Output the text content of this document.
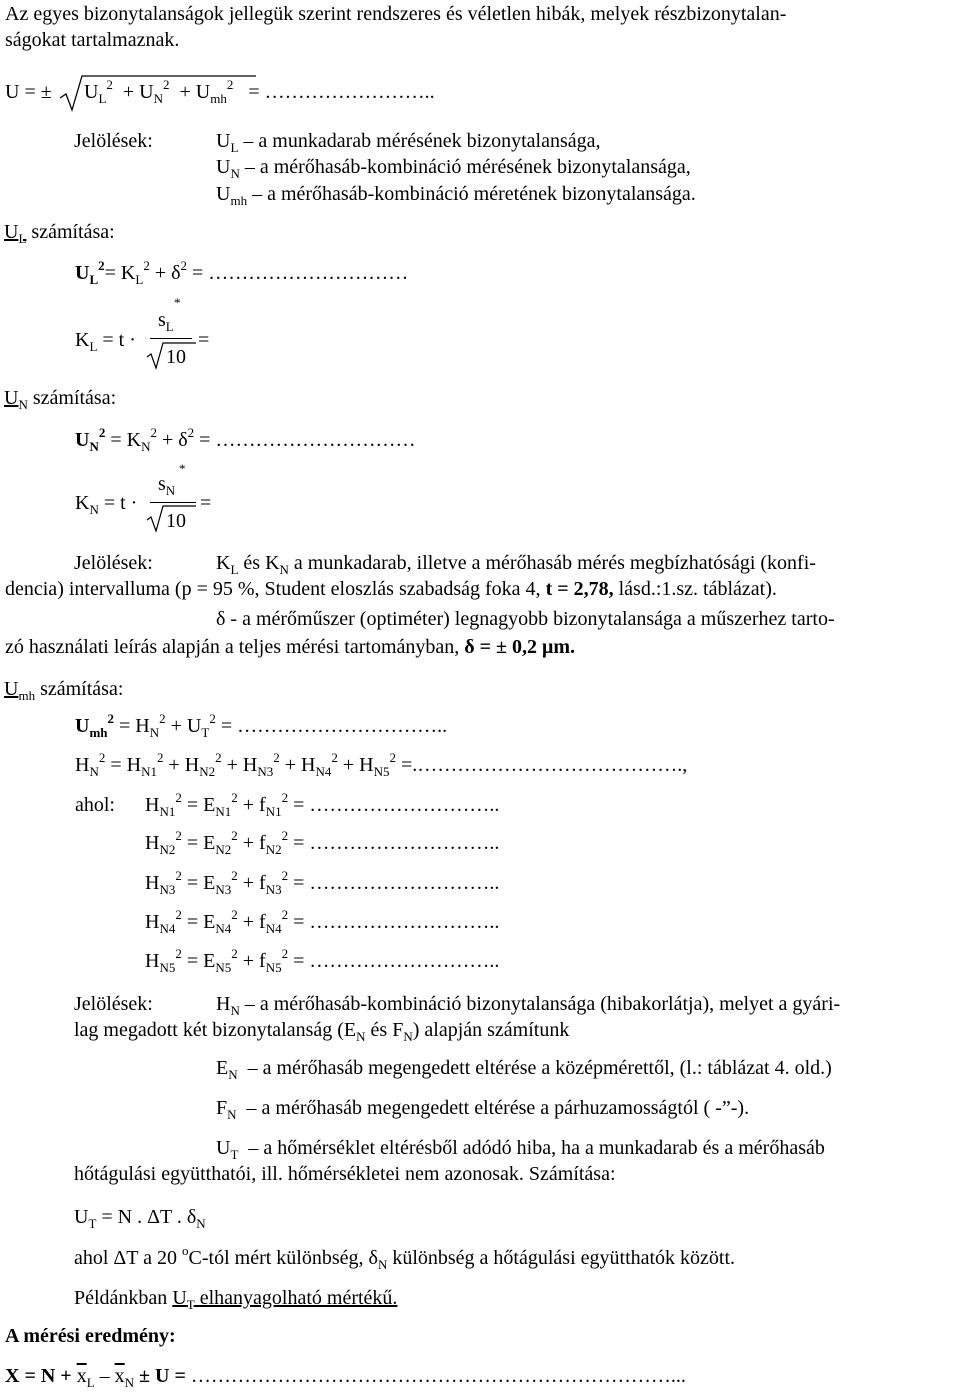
Az egyes bizonytalanságok jellegük szerint rendszeres és véletlen hibák, melyek részbizonytalan-
ságokat tartalmaznak.
U = ± $U_L^2 + U_N^2 + U_{mh}^2$ = ……………………..
Jelölések:	$U_L$ – a munkadarab mérésének bizonytalansága,
$U_N$ – a mérőhasáb-kombináció mérésének bizonytalansága,
$U_{mh}$ – a mérőhasáb-kombináció méretének bizonytalansága.
$U_L$ számítása:
$U_L^2= K_L^2 + \delta^2$ = …………………………
$K_L = t$ ·
$s_L$
*
10
=
$U_N$ számítása:
$U_N^2 = K_N^2 + \delta^2$ = …………………………
$K_N = t$ ·
$s_N$
*
10
=
Jelölések:	$K_L$ és $K_N$ a munkadarab, illetve a mérőhasáb mérés megbízhatósági (konfi-
dencia) intervalluma (p = 95 %, Student eloszlás szabadság foka 4, t = 2,78, lásd.:1.sz. táblázat).
δ - a mérőműszer (optiméter) legnagyobb bizonytalansága a műszerhez tarto-
zó használati leírás alapján a teljes mérési tartományban, δ = ± 0,2 μm.
$U_{mh}$ számítása:
$U_{mh}^2 = H_N^2 + U_T^2$ = …………………………..
$H_N^2 = H_{N1}^2 + H_{N2}^2 + H_{N3}^2 + H_{N4}^2 + H_{N5}^2$ =.………………………………….,
ahol: $H_{N1}^2 = E_{N1}^2 + f_{N1}^2$ = ………………………..
$H_{N2}^2 = E_{N2}^2 + f_{N2}^2$ = ………………………..
$H_{N3}^2 = E_{N3}^2 + f_{N3}^2$ = ………………………..
$H_{N4}^2 = E_{N4}^2 + f_{N4}^2$ = ………………………..
$H_{N5}^2 = E_{N5}^2 + f_{N5}^2$ = ………………………..
Jelölések:	$H_N$ – a mérőhasáb-kombináció bizonytalansága (hibakorlátja), melyet a gyári-
lag megadott két bizonytalanság ($E_N$ és $F_N$) alapján számítunk
$E_N$ – a mérőhasáb megengedett eltérése a középmérettől, (l.: táblázat 4. old.)
$F_N$ – a mérőhasáb megengedett eltérése a párhuzamosságtól ( -”-).
$U_T$ – a hőmérséklet eltérésből adódó hiba, ha a munkadarab és a mérőhasáb
hőtágulási együtthatói, ill. hőmérsékletei nem azonosak. Számítása:
$U_T = N$ . ΔT . $\delta_N$
ahol ΔT a 20 $^o$C-tól mért különbség, $\delta_N$ különbség a hőtágulási együtthatók között.
Példánkban $U_T$ elhanyagolható mértékű.
A mérési eredmény:
$X = N + \overline{x}_L - \overline{x}_N \pm U$ = ………………………………………………………………...
